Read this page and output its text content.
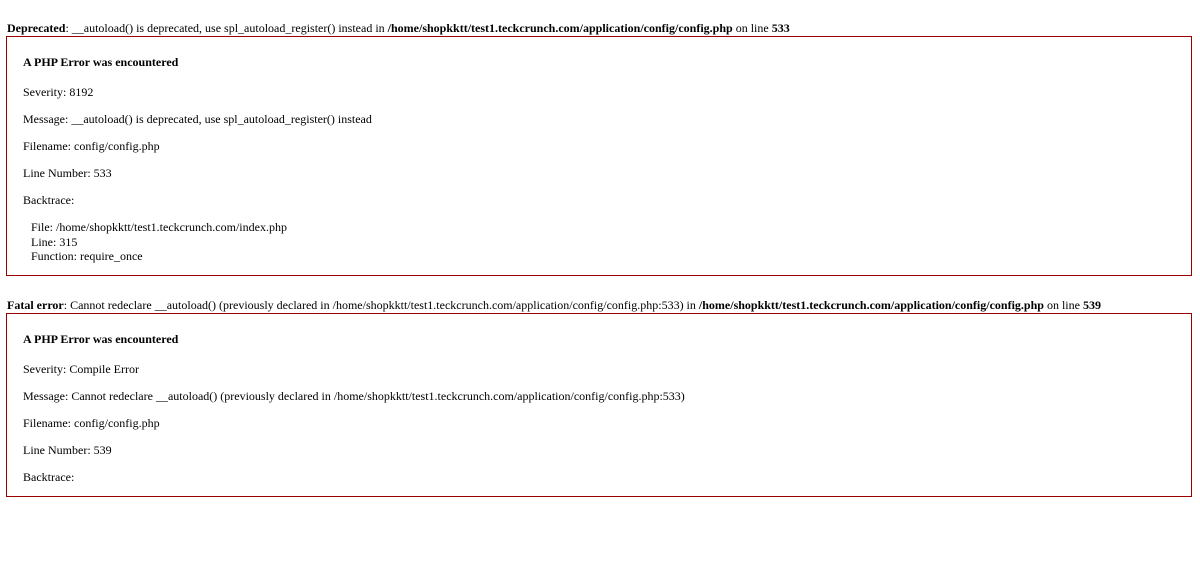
Deprecated: __autoload() is deprecated, use spl_autoload_register() instead in /home/shopkktt/test1.teckcrunch.com/application/config/config.php on line 533
A PHP Error was encountered

Severity: 8192

Message: __autoload() is deprecated, use spl_autoload_register() instead

Filename: config/config.php

Line Number: 533

Backtrace:

File: /home/shopkktt/test1.teckcrunch.com/index.php
Line: 315
Function: require_once
Fatal error: Cannot redeclare __autoload() (previously declared in /home/shopkktt/test1.teckcrunch.com/application/config/config.php:533) in /home/shopkktt/test1.teckcrunch.com/application/config/config.php on line 539
A PHP Error was encountered

Severity: Compile Error

Message: Cannot redeclare __autoload() (previously declared in /home/shopkktt/test1.teckcrunch.com/application/config/config.php:533)

Filename: config/config.php

Line Number: 539

Backtrace:
